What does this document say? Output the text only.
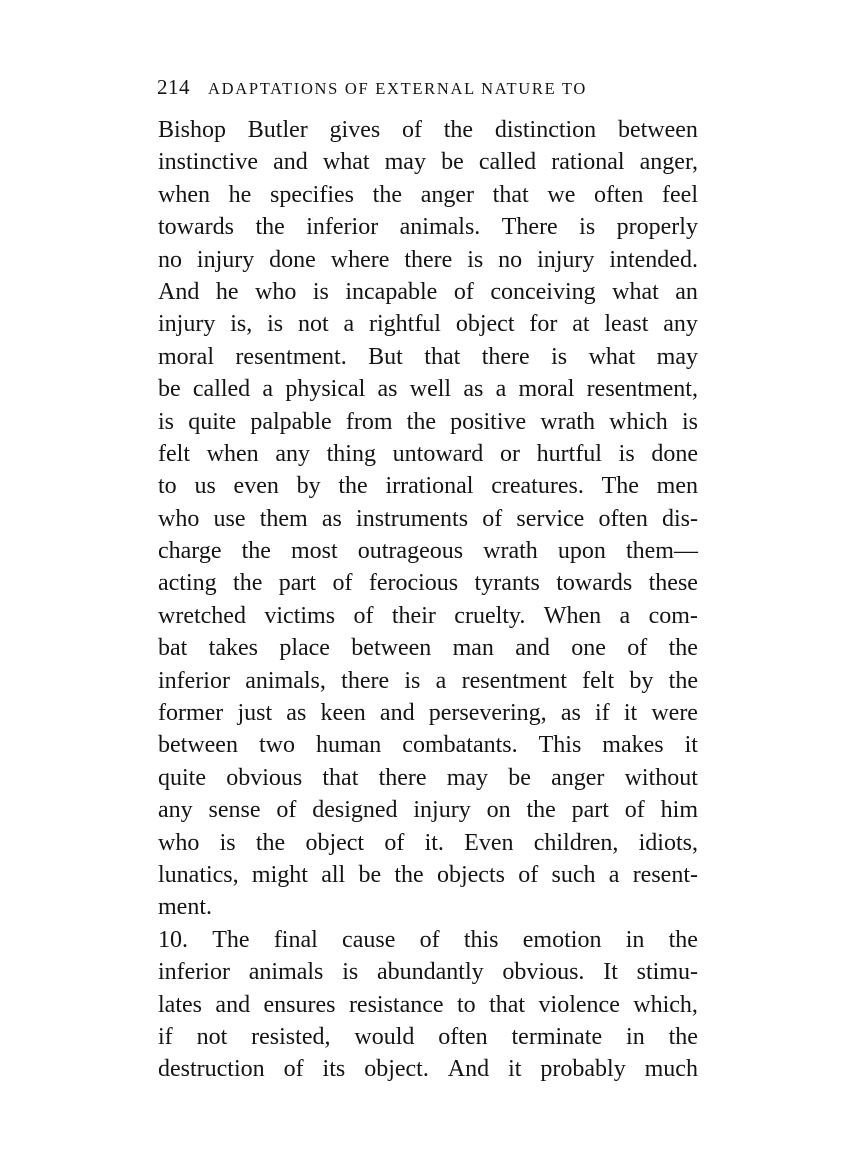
214 ADAPTATIONS OF EXTERNAL NATURE TO
Bishop Butler gives of the distinction between
instinctive and what may be called rational anger,
when he specifies the anger that we often feel
towards the inferior animals. There is properly
no injury done where there is no injury intended.
And he who is incapable of conceiving what an
injury is, is not a rightful object for at least any
moral resentment. But that there is what may
be called a physical as well as a moral resentment,
is quite palpable from the positive wrath which is
felt when any thing untoward or hurtful is done
to us even by the irrational creatures. The men
who use them as instruments of service often dis-
charge the most outrageous wrath upon them—
acting the part of ferocious tyrants towards these
wretched victims of their cruelty. When a com-
bat takes place between man and one of the
inferior animals, there is a resentment felt by the
former just as keen and persevering, as if it were
between two human combatants. This makes it
quite obvious that there may be anger without
any sense of designed injury on the part of him
who is the object of it. Even children, idiots,
lunatics, might all be the objects of such a resent-
ment.
10. The final cause of this emotion in the
inferior animals is abundantly obvious. It stimu-
lates and ensures resistance to that violence which,
if not resisted, would often terminate in the
destruction of its object. And it probably much
